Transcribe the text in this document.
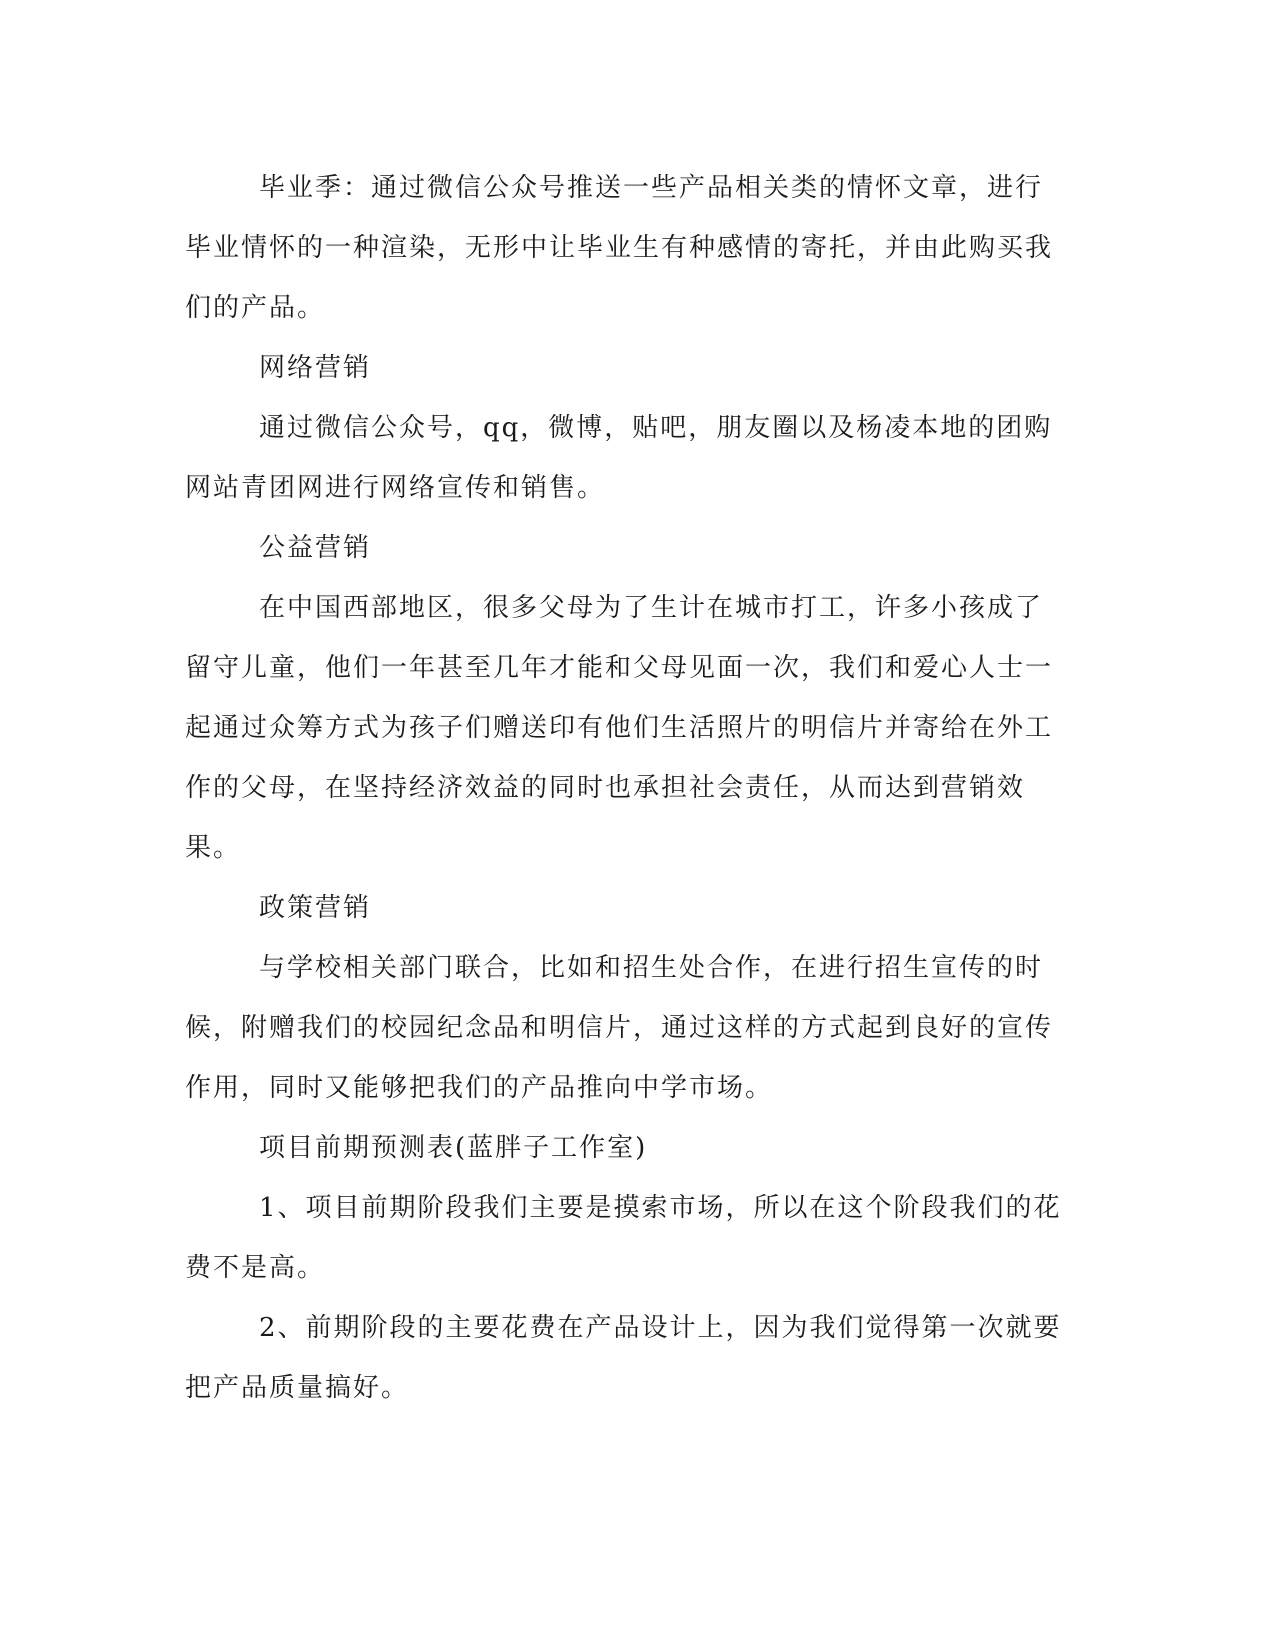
毕业季：通过微信公众号推送一些产品相关类的情怀文章，进行毕业情怀的一种渲染，无形中让毕业生有种感情的寄托，并由此购买我们的产品。

网络营销

通过微信公众号，qq，微博，贴吧，朋友圈以及杨凌本地的团购网站青团网进行网络宣传和销售。

公益营销

在中国西部地区，很多父母为了生计在城市打工，许多小孩成了留守儿童，他们一年甚至几年才能和父母见面一次，我们和爱心人士一起通过众筹方式为孩子们赠送印有他们生活照片的明信片并寄给在外工作的父母，在坚持经济效益的同时也承担社会责任，从而达到营销效果。

政策营销

与学校相关部门联合，比如和招生处合作，在进行招生宣传的时候，附赠我们的校园纪念品和明信片，通过这样的方式起到良好的宣传作用，同时又能够把我们的产品推向中学市场。

项目前期预测表(蓝胖子工作室)

1、项目前期阶段我们主要是摸索市场，所以在这个阶段我们的花费不是高。

2、前期阶段的主要花费在产品设计上，因为我们觉得第一次就要把产品质量搞好。
